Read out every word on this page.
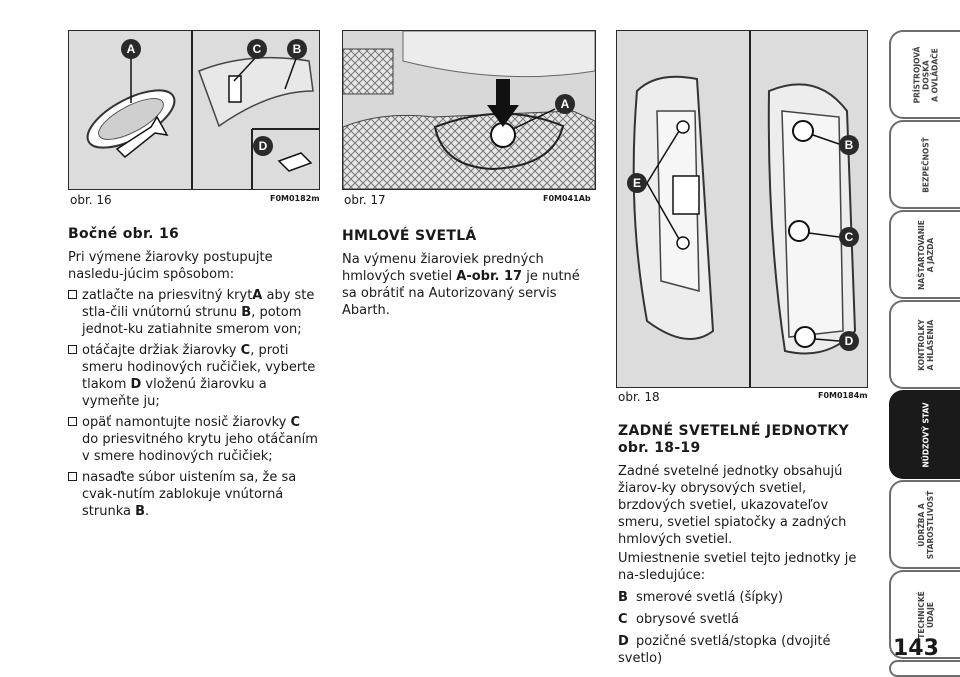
A	C	B
D
obr. 16	F0M0182m
A
obr. 17	F0M041Ab
E
B
C
D
obr. 18	F0M0184m
Bočné obr. 16
Pri výmene žiarovky postupujte nasledu-júcim spôsobom:
zatlačte na priesvitný krytA aby ste stla-čili vnútornú strunu B, potom jednot-ku zatiahnite smerom von;
otáčajte držiak žiarovky C, proti smeru hodinových ručičiek, vyberte tlakom D vloženú žiarovku a vymeňte ju;
opäť namontujte nosič žiarovky C do priesvitného krytu jeho otáčaním v smere hodinových ručičiek;
nasaďte súbor uistením sa, že sa cvak-nutím zablokuje vnútorná strunka B.
HMLOVÉ SVETLÁ
Na výmenu žiaroviek predných hmlových svetiel A-obr. 17 je nutné sa obrátiť na Autorizovaný servis Abarth.
ZADNÉ SVETELNÉ JEDNOTKY obr. 18-19
Zadné svetelné jednotky obsahujú žiarov-ky obrysových svetiel, brzdových svetiel, ukazovateľov smeru, svetiel spiatočky a zadných hmlových svetiel.
Umiestnenie svetiel tejto jednotky je na-sledujúce:
B smerové svetlá (šípky)
C obrysové svetlá
D pozičné svetlá/stopka (dvojité svetlo)
PRÍSTROJOVÁ
DOSKA
A OVLÁDAČE
BEZPEČNOSŤ
NAŠTARTOVANIE
A JAZDA
KONTROLKY
A HLÁSENIA
NÚDZOVÝ STAV
ÚDRŽBA A
STAROSTLIVOSŤ
TECHNICKÉ
ÚDAJE
143
